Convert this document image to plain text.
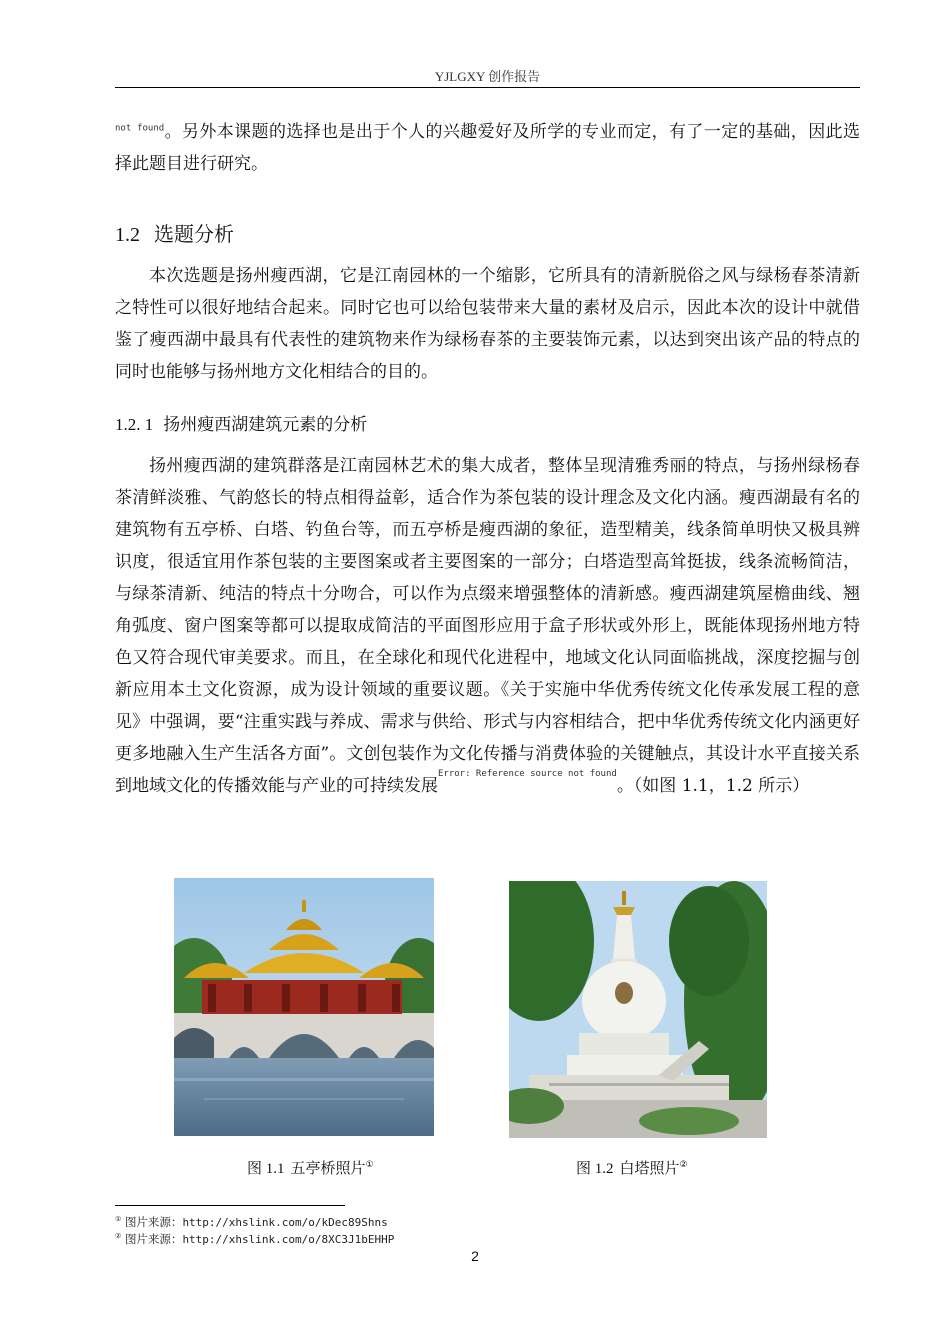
YJLGXY 创作报告

$^{not found}$。另外本课题的选择也是出于个人的兴趣爱好及所学的专业而定，有了一定的基础，因此选择此题目进行研究。

1.2 选题分析

本次选题是扬州瘦西湖，它是江南园林的一个缩影，它所具有的清新脱俗之风与绿杨春茶清新之特性可以很好地结合起来。同时它也可以给包装带来大量的素材及启示，因此本次的设计中就借鉴了瘦西湖中最具有代表性的建筑物来作为绿杨春茶的主要装饰元素，以达到突出该产品的特点的同时也能够与扬州地方文化相结合的目的。

1.2. 1 扬州瘦西湖建筑元素的分析

扬州瘦西湖的建筑群落是江南园林艺术的集大成者，整体呈现清雅秀丽的特点，与扬州绿杨春茶清鲜淡雅、气韵悠长的特点相得益彰，适合作为茶包装的设计理念及文化内涵。瘦西湖最有名的建筑物有五亭桥、白塔、钓鱼台等，而五亭桥是瘦西湖的象征，造型精美，线条简单明快又极具辨识度，很适宜用作茶包装的主要图案或者主要图案的一部分；白塔造型高耸挺拔，线条流畅简洁，与绿茶清新、纯洁的特点十分吻合，可以作为点缀来增强整体的清新感。瘦西湖建筑屋檐曲线、翘角弧度、窗户图案等都可以提取成简洁的平面图形应用于盒子形状或外形上，既能体现扬州地方特色又符合现代审美要求。而且，在全球化和现代化进程中，地域文化认同面临挑战，深度挖掘与创新应用本土文化资源，成为设计领域的重要议题。《关于实施中华优秀传统文化传承发展工程的意见》中强调，要“注重实践与养成、需求与供给、形式与内容相结合，把中华优秀传统文化内涵更好更多地融入生产生活各方面”。文创包装作为文化传播与消费体验的关键触点，其设计水平直接关系到地域文化的传播效能与产业的可持续发展$^{Error: Reference source not found}$。（如图 1.1，1.2 所示）

图 1.1 五亭桥照片①	图 1.2 白塔照片②
① 图片来源：http://xhslink.com/o/kDec89Shns
② 图片来源：http://xhslink.com/o/8XC3J1bEHHP
2
